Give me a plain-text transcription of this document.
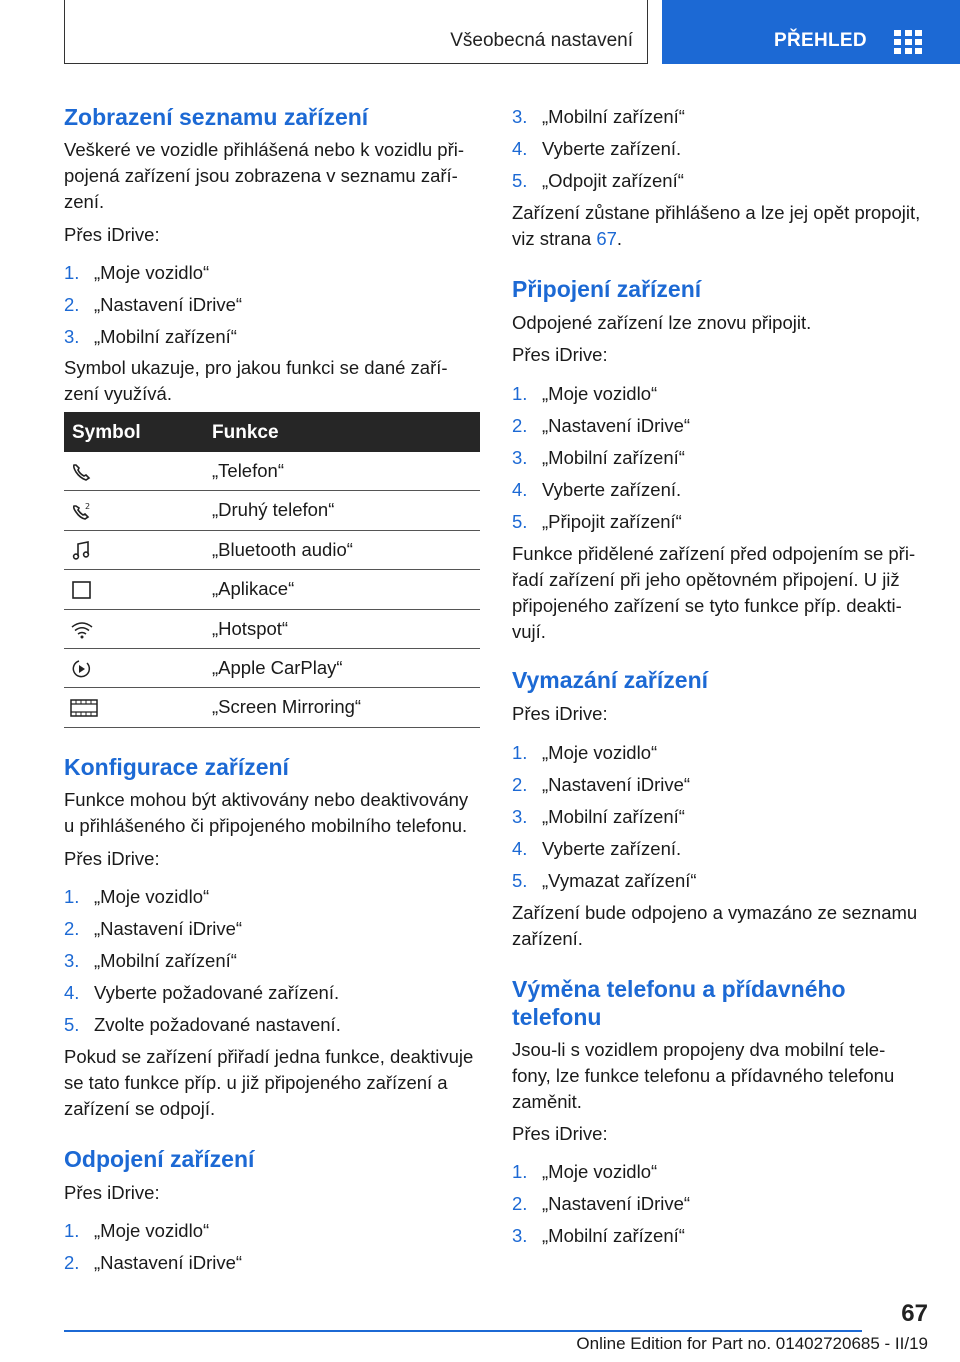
Všeobecná nastavení	PŘEHLED
Zobrazení seznamu zařízení
Veškeré ve vozidle přihlášená nebo k vozidlu při-
pojená zařízení jsou zobrazena v seznamu zaří-
zení.
Přes iDrive:
1. „Moje vozidlo“
2. „Nastavení iDrive“
3. „Mobilní zařízení“
Symbol ukazuje, pro jakou funkci se dané zaří-
zení využívá.
Symbol	Funkce
„Telefon“
2	„Druhý telefon“
„Bluetooth audio“
„Aplikace“
„Hotspot“
„Apple CarPlay“
„Screen Mirroring“
Konfigurace zařízení
Funkce mohou být aktivovány nebo deaktivovány
u přihlášeného či připojeného mobilního telefonu.
Přes iDrive:
1. „Moje vozidlo“
2. „Nastavení iDrive“
3. „Mobilní zařízení“
4. Vyberte požadované zařízení.
5. Zvolte požadované nastavení.
Pokud se zařízení přiřadí jedna funkce, deaktivuje
se tato funkce příp. u již připojeného zařízení a
zařízení se odpojí.
Odpojení zařízení
Přes iDrive:
1. „Moje vozidlo“
2. „Nastavení iDrive“
3. „Mobilní zařízení“
4. Vyberte zařízení.
5. „Odpojit zařízení“
Zařízení zůstane přihlášeno a lze jej opět propojit,
viz strana 67.
Připojení zařízení
Odpojené zařízení lze znovu připojit.
Přes iDrive:
1. „Moje vozidlo“
2. „Nastavení iDrive“
3. „Mobilní zařízení“
4. Vyberte zařízení.
5. „Připojit zařízení“
Funkce přidělené zařízení před odpojením se při-
řadí zařízení při jeho opětovném připojení. U již
připojeného zařízení se tyto funkce příp. deakti-
vují.
Vymazání zařízení
Přes iDrive:
1. „Moje vozidlo“
2. „Nastavení iDrive“
3. „Mobilní zařízení“
4. Vyberte zařízení.
5. „Vymazat zařízení“
Zařízení bude odpojeno a vymazáno ze seznamu
zařízení.
Výměna telefonu a přídavného
telefonu
Jsou-li s vozidlem propojeny dva mobilní tele-
fony, lze funkce telefonu a přídavného telefonu
zaměnit.
Přes iDrive:
1. „Moje vozidlo“
2. „Nastavení iDrive“
3. „Mobilní zařízení“
67
Online Edition for Part no. 01402720685 - II/19
